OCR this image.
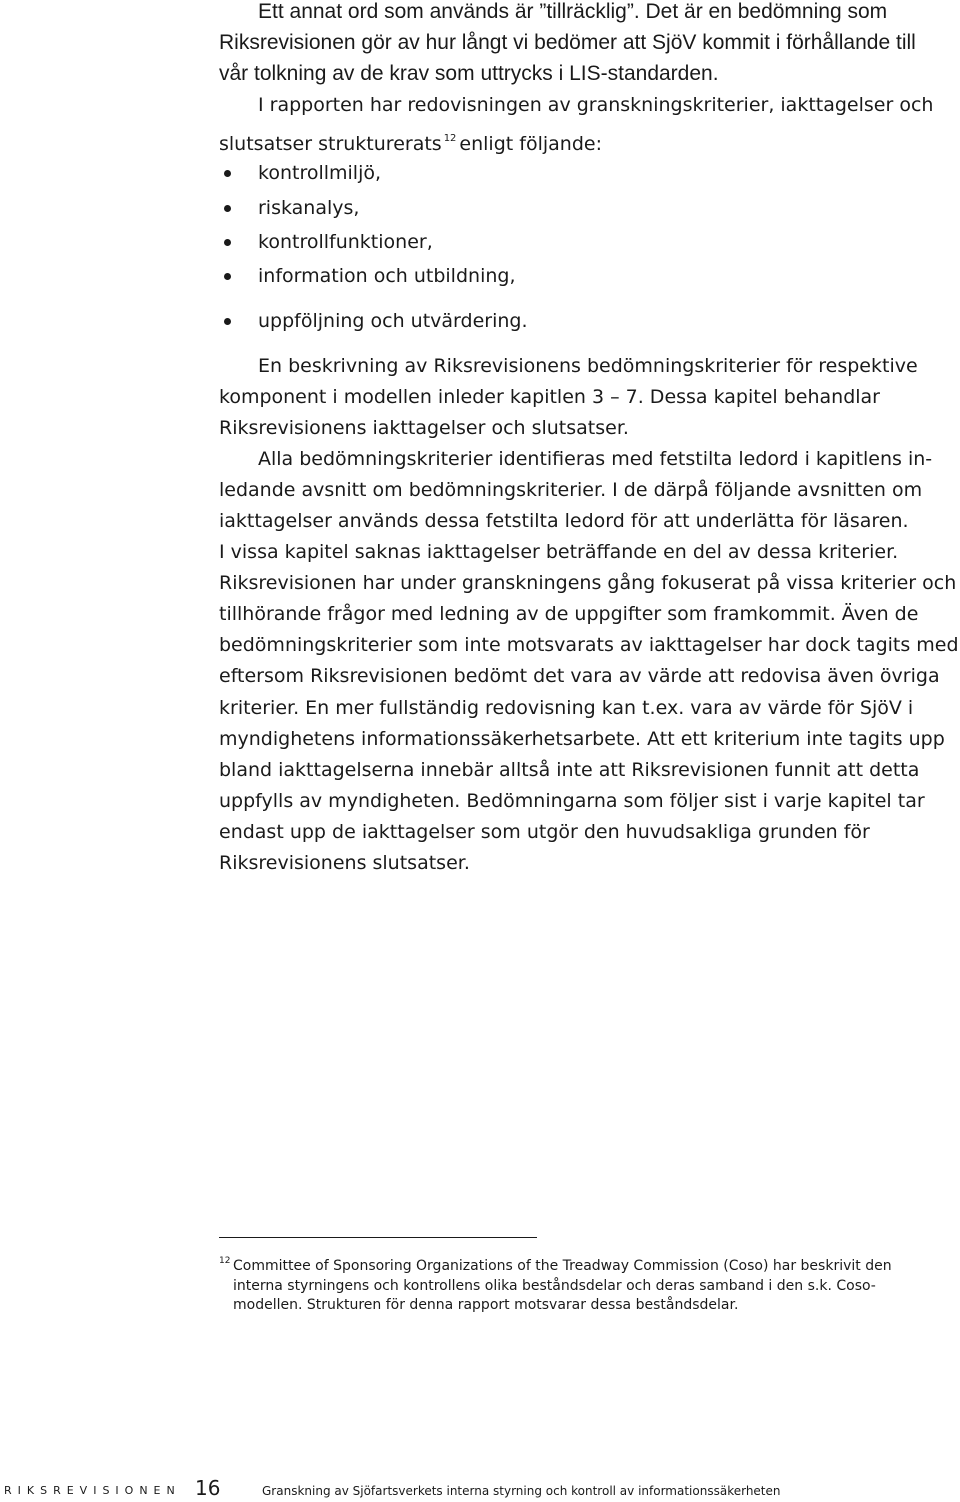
Ett annat ord som används är ”tillräcklig”. Det är en bedömning som
Riksrevisionen gör av hur långt vi bedömer att SjöV kommit i förhållande till
vår tolkning av de krav som uttrycks i LIS-standarden.
I rapporten har redovisningen av granskningskriterier, iakttagelser och
slutsatser strukturerats $^{12}$ enligt följande:
kontrollmiljö,
riskanalys,
kontrollfunktioner,
information och utbildning,
uppföljning och utvärdering.
En beskrivning av Riksrevisionens bedömningskriterier för respektive
komponent i modellen inleder kapitlen 3 – 7. Dessa kapitel behandlar
Riksrevisionens iakttagelser och slutsatser.
Alla bedömningskriterier identifieras med fetstilta ledord i kapitlens in-
ledande avsnitt om bedömningskriterier. I de därpå följande avsnitten om
iakttagelser används dessa fetstilta ledord för att underlätta för läsaren.
I vissa kapitel saknas iakttagelser beträffande en del av dessa kriterier.
Riksrevisionen har under granskningens gång fokuserat på vissa kriterier och
tillhörande frågor med ledning av de uppgifter som framkommit. Även de
bedömningskriterier som inte motsvarats av iakttagelser har dock tagits med
eftersom Riksrevisionen bedömt det vara av värde att redovisa även övriga
kriterier. En mer fullständig redovisning kan t.ex. vara av värde för SjöV i
myndighetens informationssäkerhetsarbete. Att ett kriterium inte tagits upp
bland iakttagelserna innebär alltså inte att Riksrevisionen funnit att detta
uppfylls av myndigheten. Bedömningarna som följer sist i varje kapitel tar
endast upp de iakttagelser som utgör den huvudsakliga grunden för
Riksrevisionens slutsatser.
12 Committee of Sponsoring Organizations of the Treadway Commission (Coso) har beskrivit den
interna styrningens och kontrollens olika beståndsdelar och deras samband i den s.k. Coso-
modellen. Strukturen för denna rapport motsvarar dessa beståndsdelar.
RIKSREVISIONEN 16	Granskning av Sjöfartsverkets interna styrning och kontroll av informationssäkerheten
